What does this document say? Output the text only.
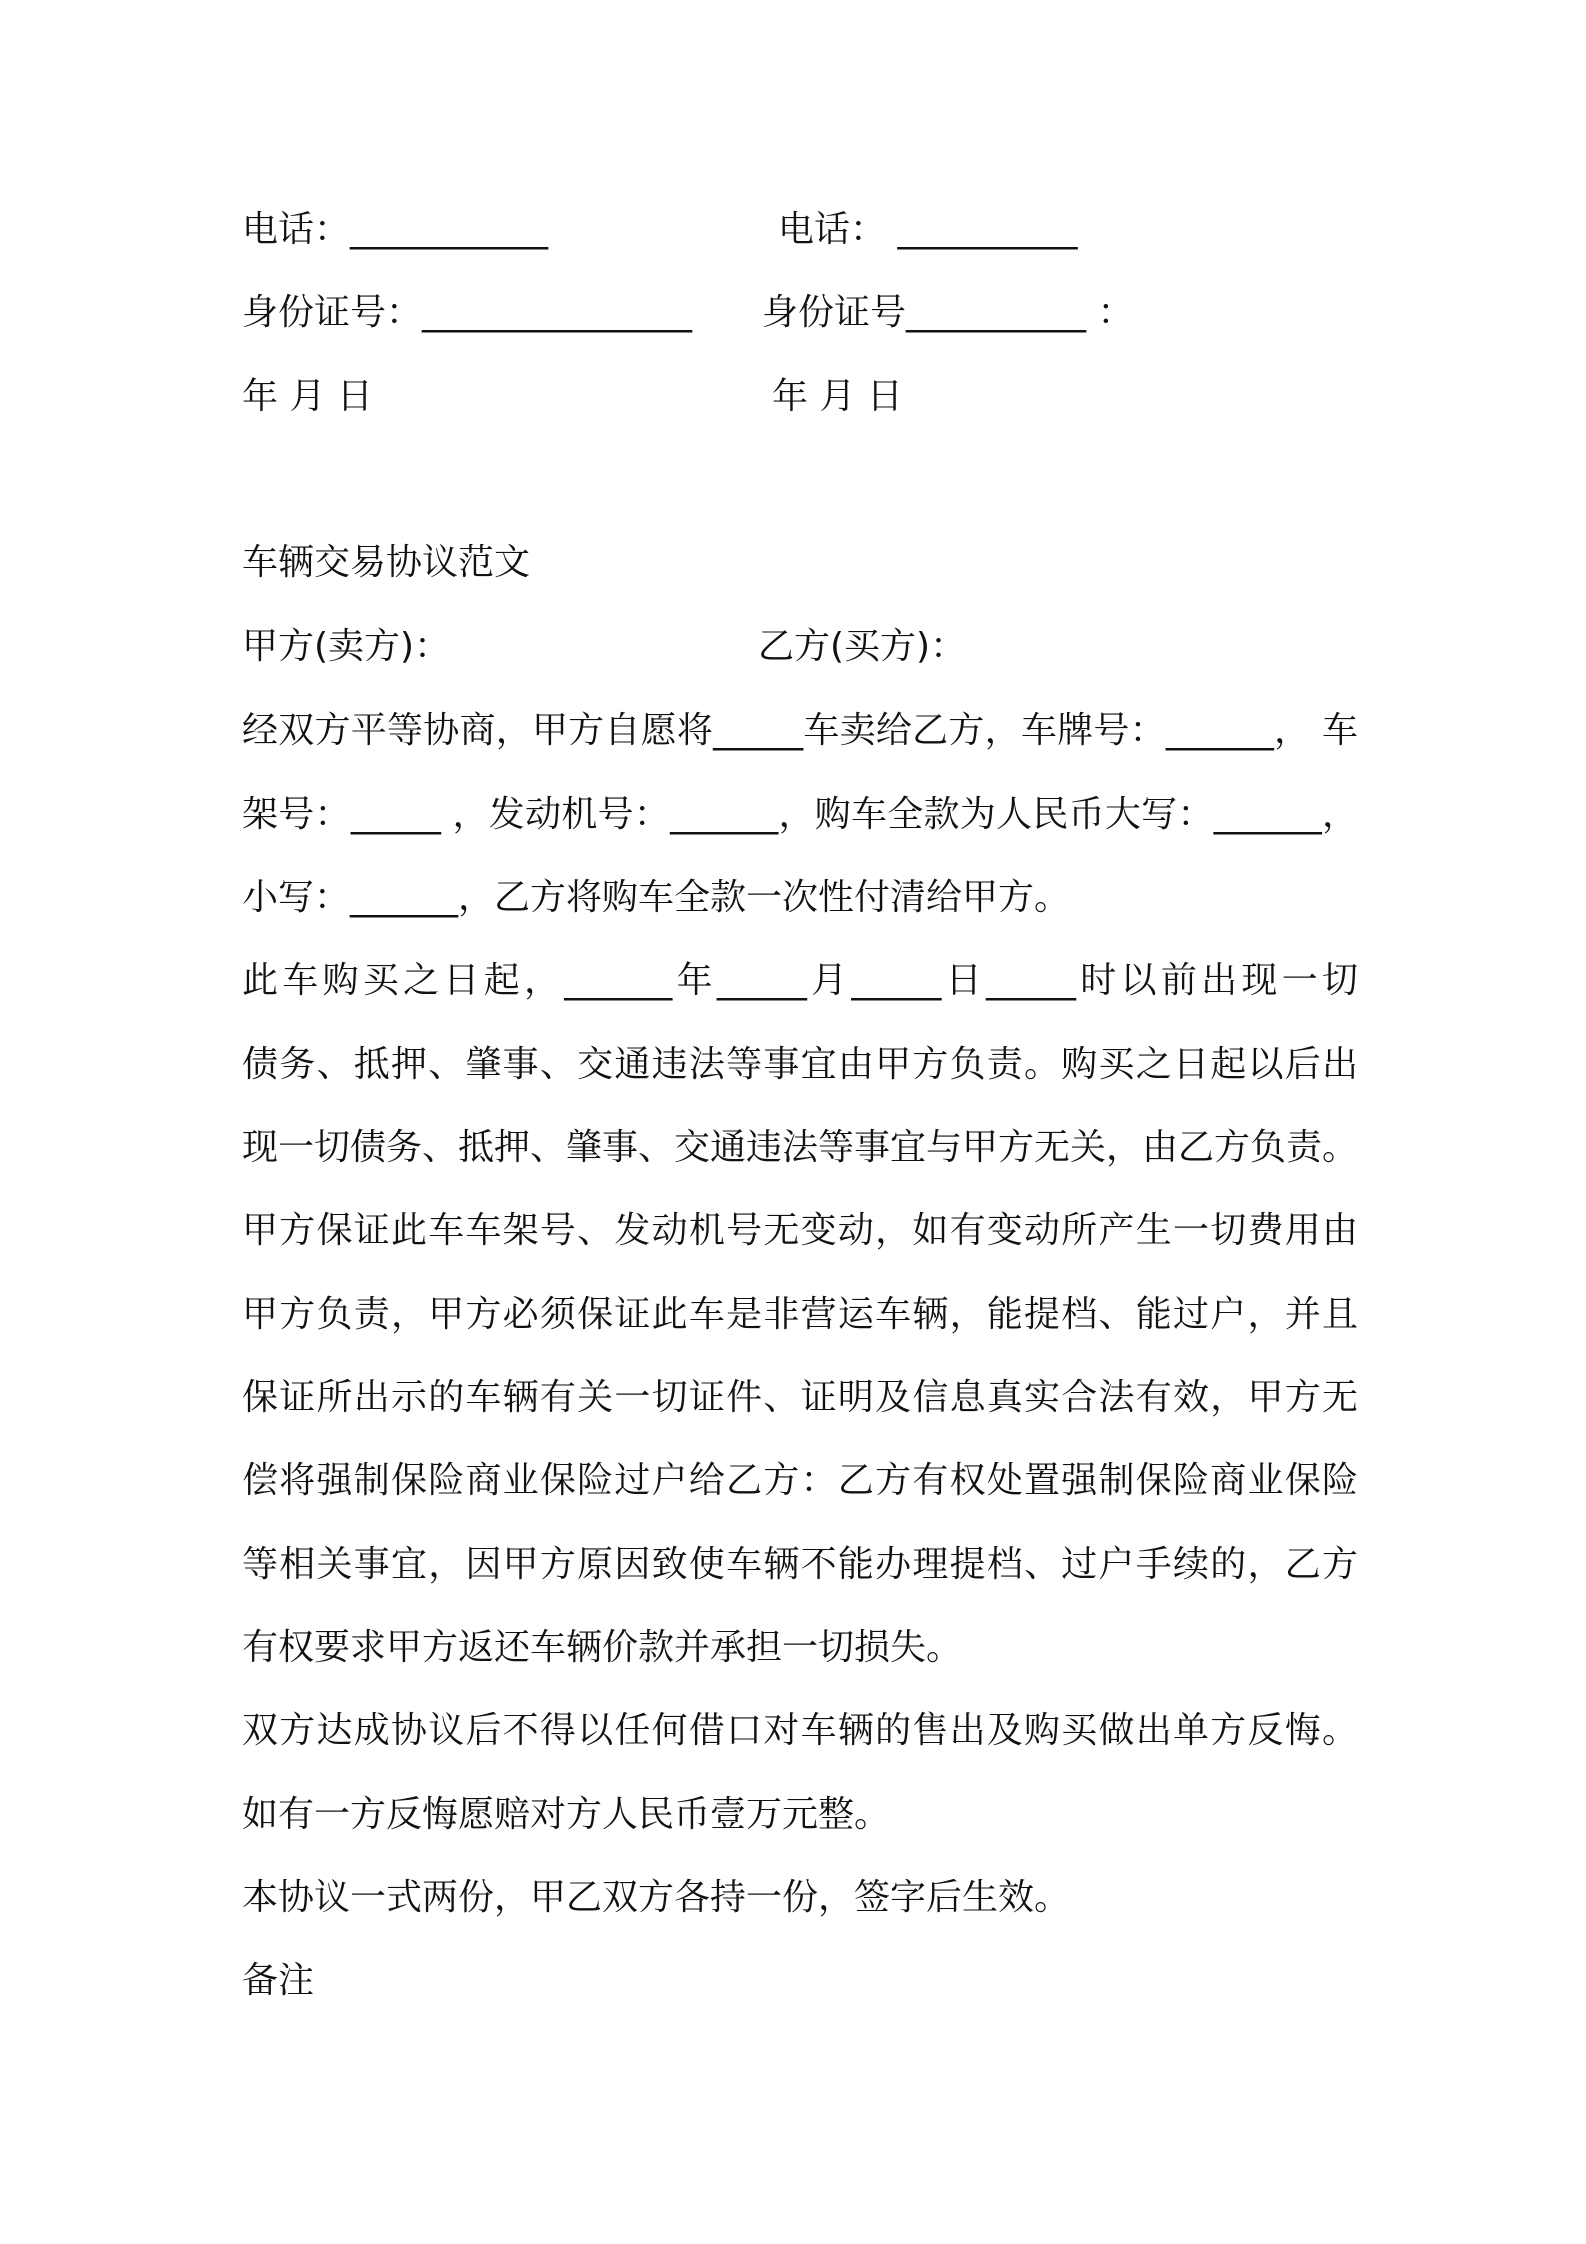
电话：___________	电话： __________
身份证号：_______________ 身份证号__________ ：
年 月 日	年 月 日
车辆交易协议范文
甲方(卖方)：	乙方(买方)：
经双方平等协商，甲方自愿将_____车卖给乙方，车牌号：______， 车
架号：_____ ，发动机号：______，购车全款为人民币大写：______，
小写：______，乙方将购车全款一次性付清给甲方。
此车购买之日起，______年_____月_____日_____时以前出现一切
债务、抵押、肇事、交通违法等事宜由甲方负责。购买之日起以后出
现一切债务、抵押、肇事、交通违法等事宜与甲方无关，由乙方负责。
甲方保证此车车架号、发动机号无变动，如有变动所产生一切费用由
甲方负责，甲方必须保证此车是非营运车辆，能提档、能过户，并且
保证所出示的车辆有关一切证件、证明及信息真实合法有效，甲方无
偿将强制保险商业保险过户给乙方：乙方有权处置强制保险商业保险
等相关事宜，因甲方原因致使车辆不能办理提档、过户手续的，乙方
有权要求甲方返还车辆价款并承担一切损失。
双方达成协议后不得以任何借口对车辆的售出及购买做出单方反悔。
如有一方反悔愿赔对方人民币壹万元整。
本协议一式两份，甲乙双方各持一份，签字后生效。
备注
